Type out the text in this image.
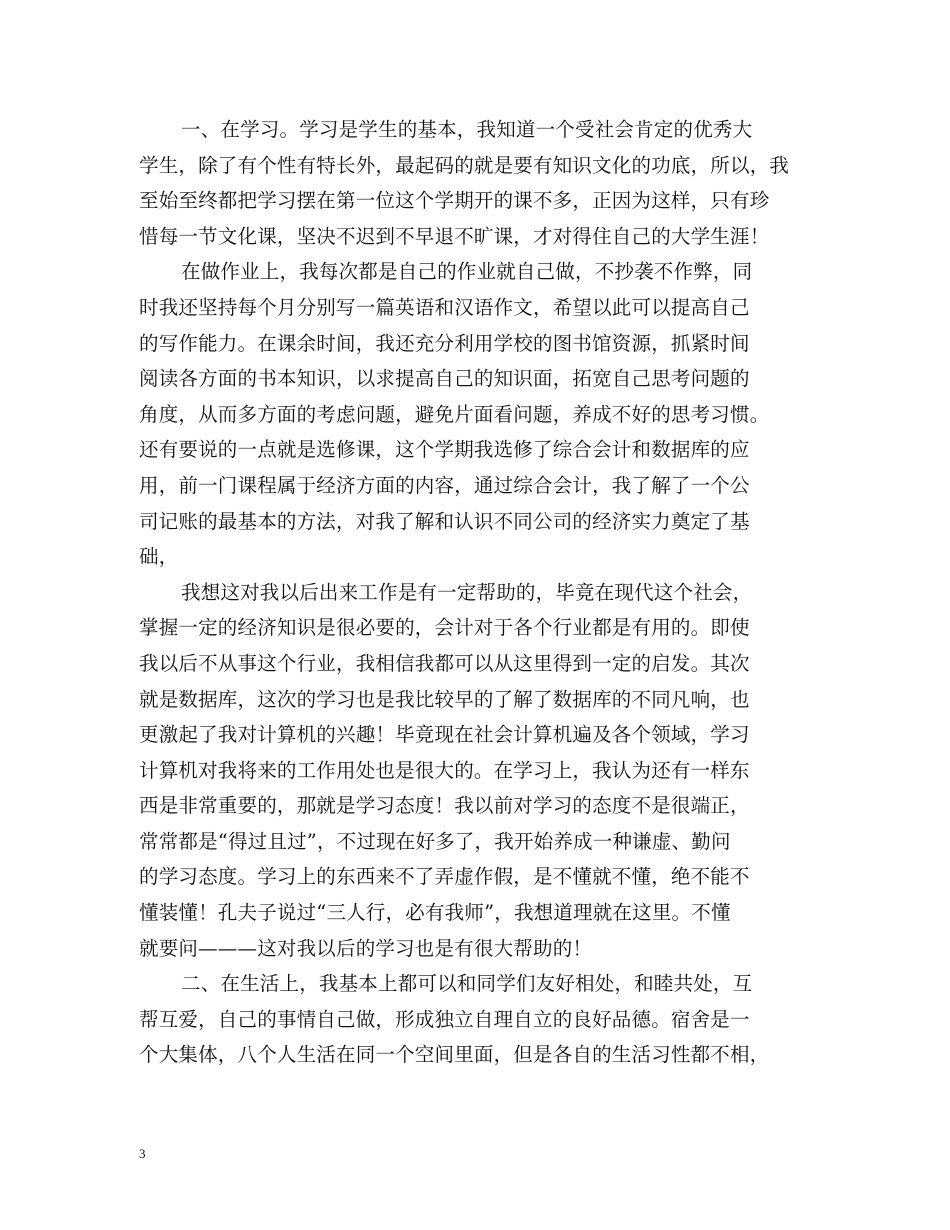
一、在学习。学习是学生的基本，我知道一个受社会肯定的优秀大
学生，除了有个性有特长外，最起码的就是要有知识文化的功底，所以，我
至始至终都把学习摆在第一位这个学期开的课不多，正因为这样，只有珍
惜每一节文化课，坚决不迟到不早退不旷课，才对得住自己的大学生涯！
在做作业上，我每次都是自己的作业就自己做，不抄袭不作弊，同
时我还坚持每个月分别写一篇英语和汉语作文，希望以此可以提高自己
的写作能力。在课余时间，我还充分利用学校的图书馆资源，抓紧时间
阅读各方面的书本知识，以求提高自己的知识面，拓宽自己思考问题的
角度，从而多方面的考虑问题，避免片面看问题，养成不好的思考习惯。
还有要说的一点就是选修课，这个学期我选修了综合会计和数据库的应
用，前一门课程属于经济方面的内容，通过综合会计，我了解了一个公
司记账的最基本的方法，对我了解和认识不同公司的经济实力奠定了基
础，
我想这对我以后出来工作是有一定帮助的，毕竟在现代这个社会，
掌握一定的经济知识是很必要的，会计对于各个行业都是有用的。即使
我以后不从事这个行业，我相信我都可以从这里得到一定的启发。其次
就是数据库，这次的学习也是我比较早的了解了数据库的不同凡响，也
更激起了我对计算机的兴趣！毕竟现在社会计算机遍及各个领域，学习
计算机对我将来的工作用处也是很大的。在学习上，我认为还有一样东
西是非常重要的，那就是学习态度！我以前对学习的态度不是很端正，
常常都是“得过且过”，不过现在好多了，我开始养成一种谦虚、勤问
的学习态度。学习上的东西来不了弄虚作假，是不懂就不懂，绝不能不
懂装懂！孔夫子说过“三人行，必有我师”，我想道理就在这里。不懂
就要问———这对我以后的学习也是有很大帮助的！
二、在生活上，我基本上都可以和同学们友好相处，和睦共处，互
帮互爱，自己的事情自己做，形成独立自理自立的良好品德。宿舍是一
个大集体，八个人生活在同一个空间里面，但是各自的生活习性都不相，
3
